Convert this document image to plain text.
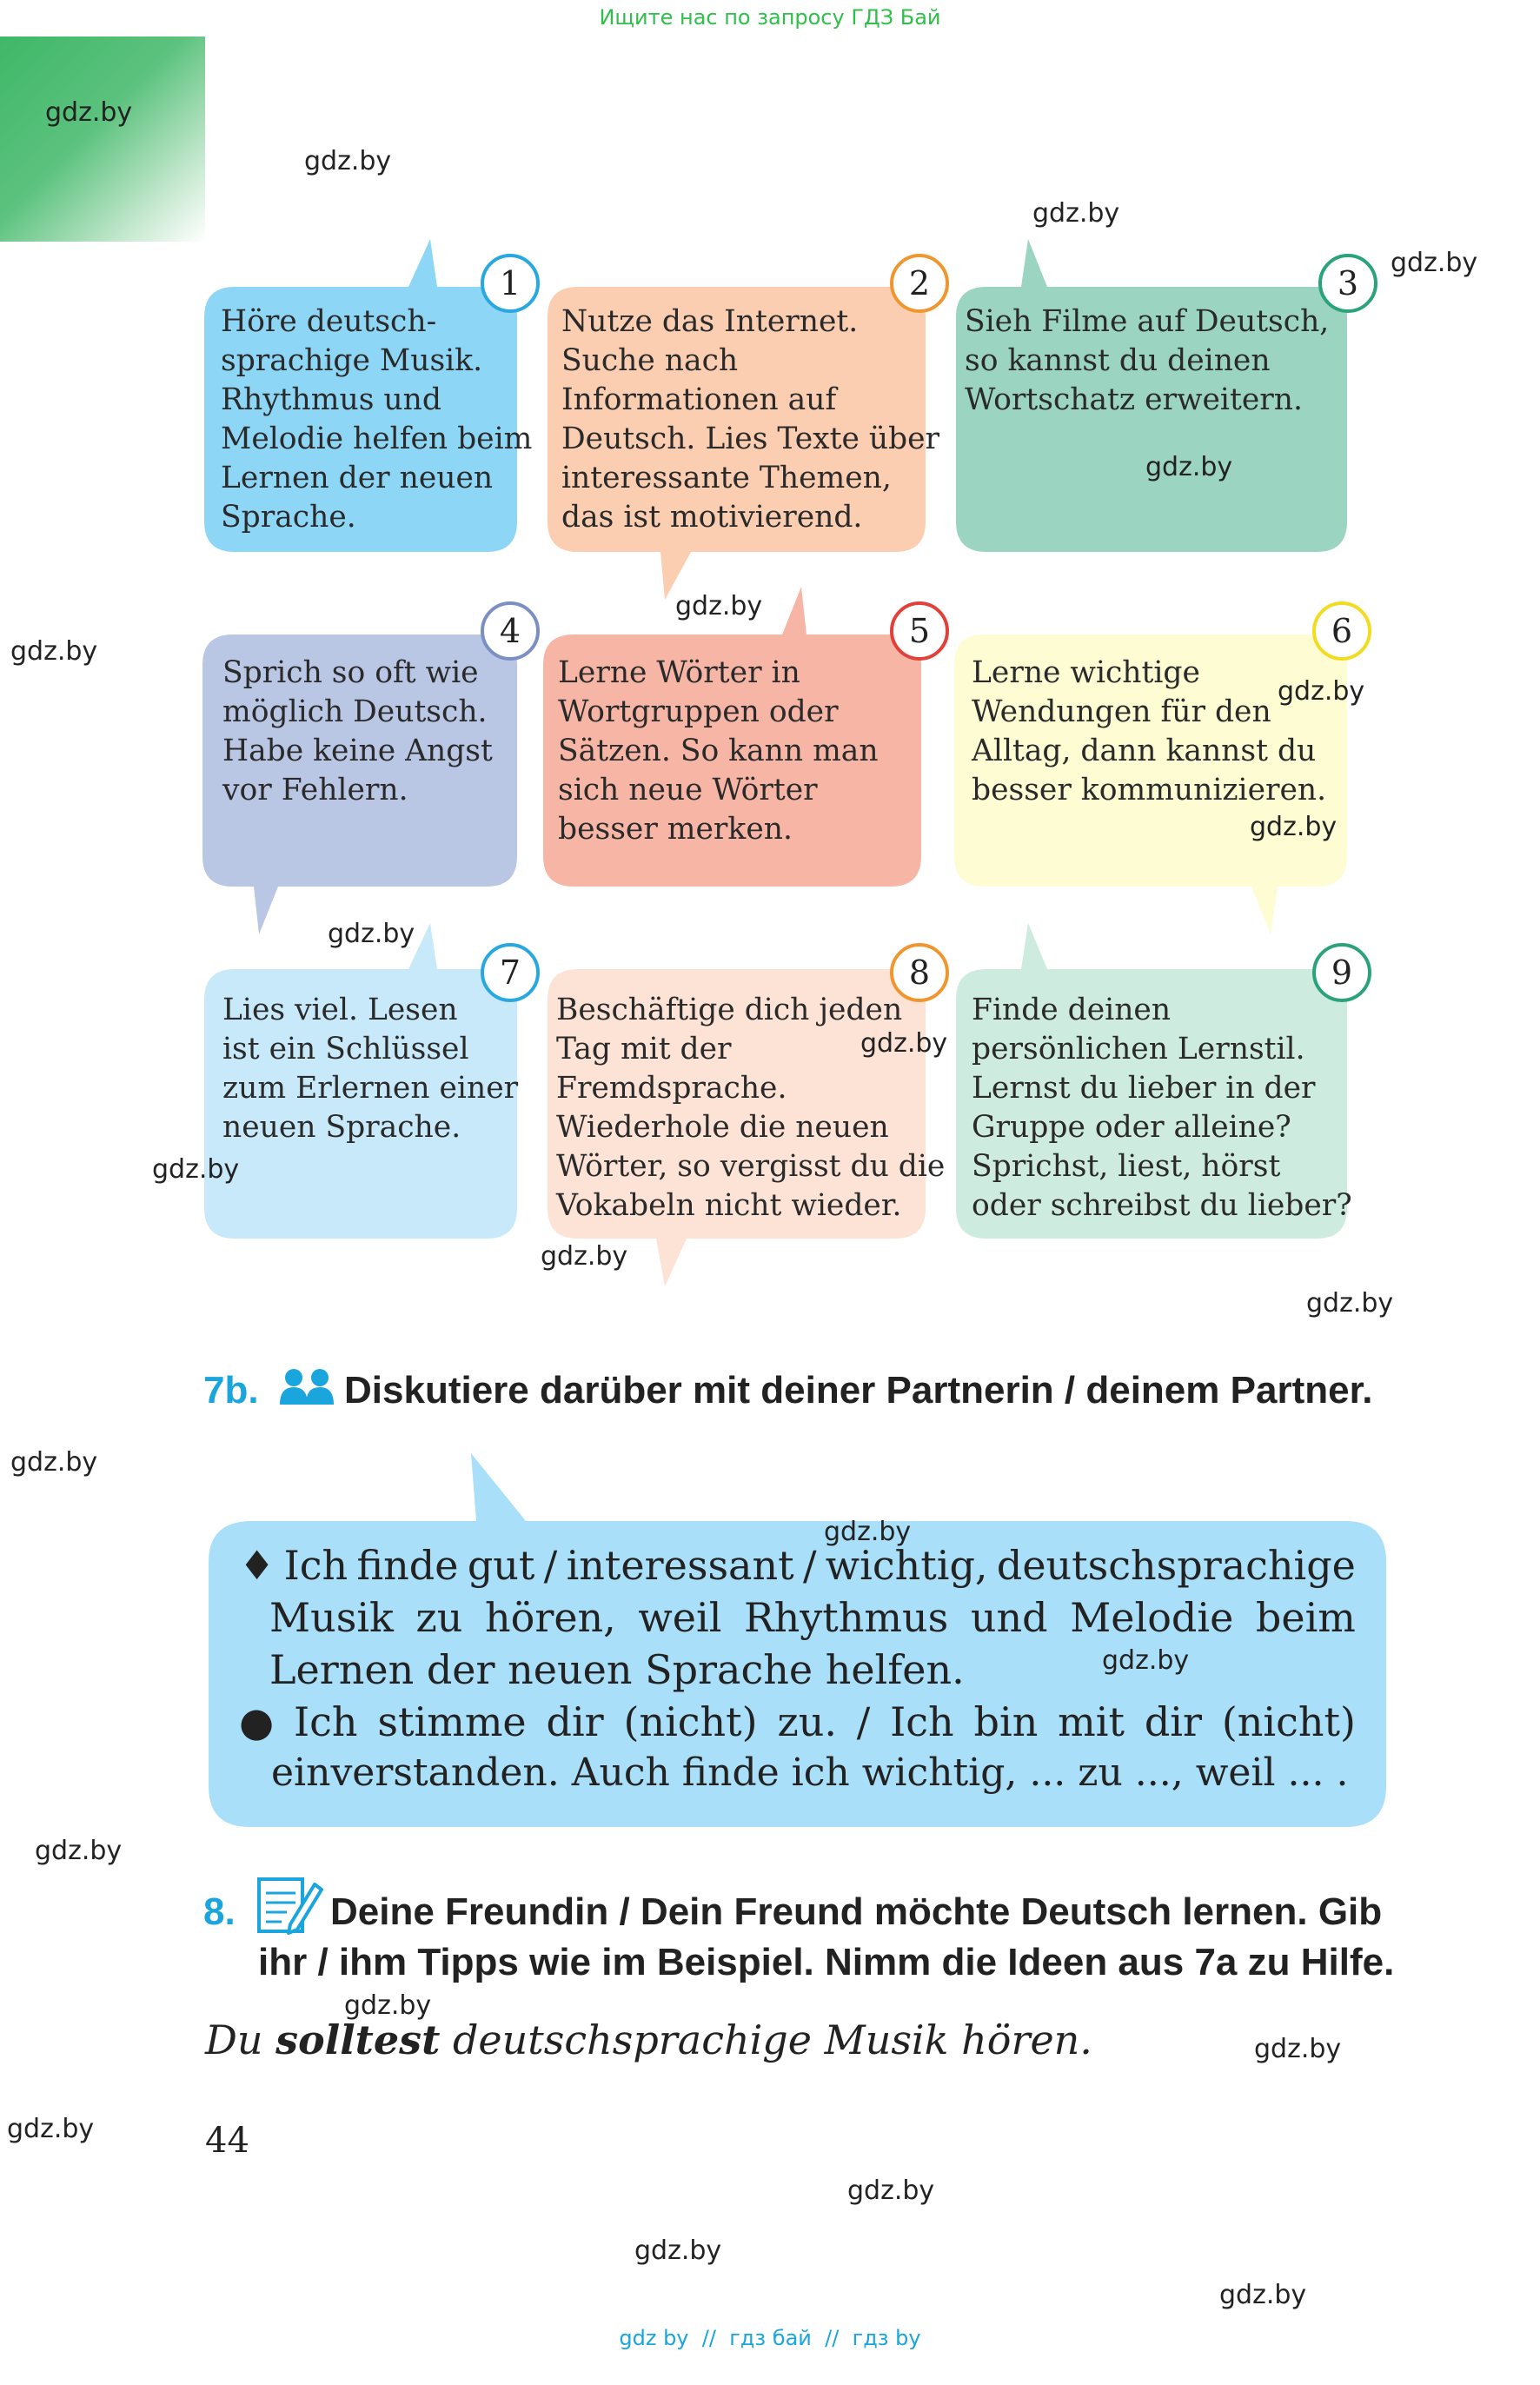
Ищите нас по запросу ГДЗ Бай
Höre deutsch-
sprachige Musik.
Rhythmus und
Melodie helfen beim
Lernen der neuen
Sprache.
Nutze das Internet.
Suche nach
Informationen auf
Deutsch. Lies Texte über
interessante Themen,
das ist motivierend.
Sieh Filme auf Deutsch,
so kannst du deinen
Wortschatz erweitern.
Sprich so oft wie
möglich Deutsch.
Habe keine Angst
vor Fehlern.
Lerne Wörter in
Wortgruppen oder
Sätzen. So kann man
sich neue Wörter
besser merken.
Lerne wichtige
Wendungen für den
Alltag, dann kannst du
besser kommunizieren.
Lies viel. Lesen
ist ein Schlüssel
zum Erlernen einer
neuen Sprache.
Beschäftige dich jeden
Tag mit der
Fremdsprache.
Wiederhole die neuen
Wörter, so vergisst du die
Vokabeln nicht wieder.
Finde deinen
persönlichen Lernstil.
Lernst du lieber in der
Gruppe oder alleine?
Sprichst, liest, hörst
oder schreibst du lieber?
1	2	3
4	5	6
7	8	9
7b. Diskutiere darüber mit deiner Partnerin / deinem Partner.
♦ Ich finde gut / interessant / wichtig, deutschsprachige
Musik zu hören, weil Rhythmus und Melodie beim
Lernen der neuen Sprache helfen.
● Ich stimme dir (nicht) zu. / Ich bin mit dir (nicht)
einverstanden. Auch finde ich wichtig, ... zu ..., weil ... .
8. Deine Freundin / Dein Freund möchte Deutsch lernen. Gib
ihr / ihm Tipps wie im Beispiel. Nimm die Ideen aus 7a zu Hilfe.
Du solltest deutschsprachige Musik hören.
44
gdz.by
gdz.by
gdz.by
gdz.by
gdz.by
gdz.by
gdz.by
gdz.by
gdz.by
gdz.by
gdz.by
gdz.by
gdz.by
gdz.by
gdz.by
gdz.by
gdz.by
gdz.by
gdz.by
gdz.by
gdz.by
gdz.by
gdz.by
gdz.by
gdz by  //  гдз бай  //  гдз by
